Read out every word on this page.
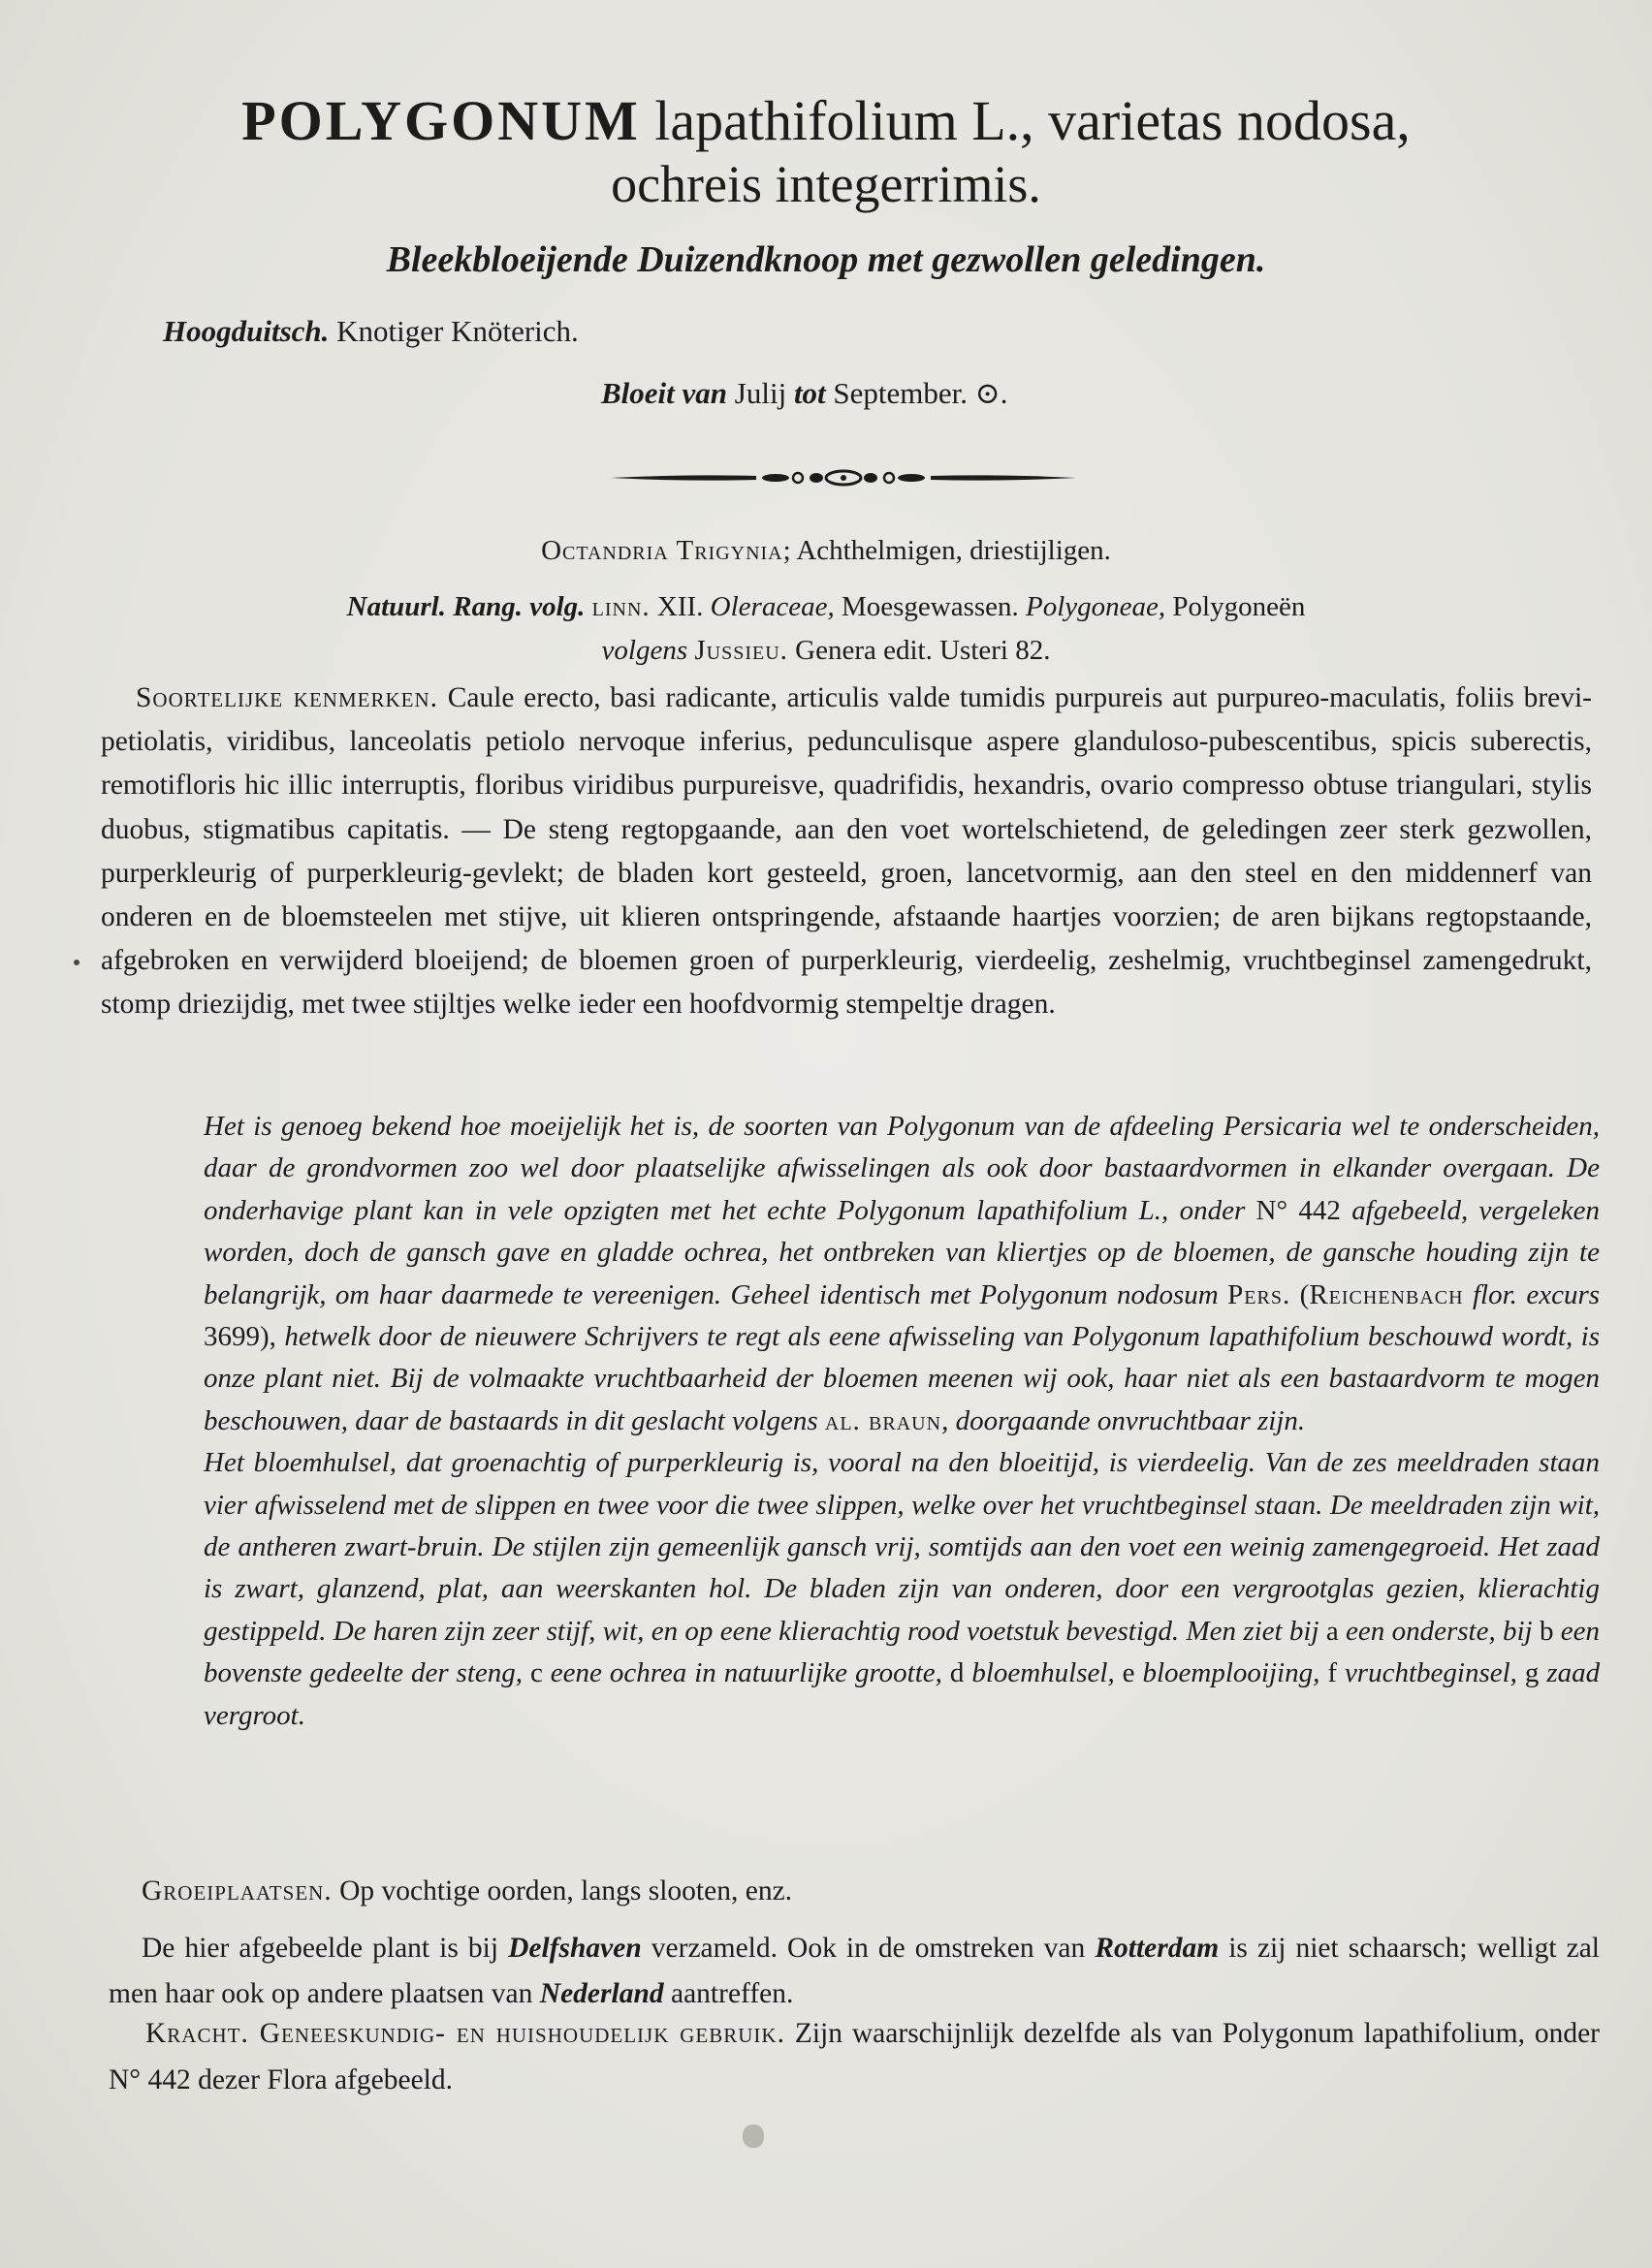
POLYGONUM lapathifolium L., varietas nodosa,
ochreis integerrimis.
Bleekbloeijende Duizendknoop met gezwollen geledingen.
Hoogduitsch. Knotiger Knöterich.
Bloeit van Julij tot September. ⊙.
Octandria Trigynia; Achthelmigen, driestijligen.
Natuurl. Rang. volg. linn. XII. Oleraceae, Moesgewassen. Polygoneae, Polygoneën
volgens Jussieu. Genera edit. Usteri 82.

Soortelijke kenmerken. Caule erecto, basi radicante, articulis valde tumidis purpureis aut purpureo-maculatis, foliis brevi-petiolatis, viridibus, lanceolatis petiolo nervoque inferius, pedunculisque aspere glanduloso-pubescentibus, spicis suberectis, remotifloris hic illic interruptis, floribus viridibus purpureisve, quadrifidis, hexandris, ovario compresso obtuse triangulari, stylis duobus, stigmatibus capitatis. — De steng regtopgaande, aan den voet wortelschietend, de geledingen zeer sterk gezwollen, purperkleurig of purperkleurig-gevlekt; de bladen kort gesteeld, groen, lancetvormig, aan den steel en den middennerf van onderen en de bloemsteelen met stijve, uit klieren ontspringende, afstaande haartjes voorzien; de aren bijkans regtopstaande, afgebroken en verwijderd bloeijend; de bloemen groen of purperkleurig, vierdeelig, zeshelmig, vruchtbeginsel zamengedrukt, stomp driezijdig, met twee stijltjes welke ieder een hoofdvormig stempeltje dragen.

Het is genoeg bekend hoe moeijelijk het is, de soorten van Polygonum van de afdeeling Persicaria wel te onderscheiden, daar de grondvormen zoo wel door plaatselijke afwisselingen als ook door bastaardvormen in elkander overgaan. De onderhavige plant kan in vele opzigten met het echte Polygonum lapathifolium L., onder N° 442 afgebeeld, vergeleken worden, doch de gansch gave en gladde ochrea, het ontbreken van kliertjes op de bloemen, de gansche houding zijn te belangrijk, om haar daarmede te vereenigen. Geheel identisch met Polygonum nodosum Pers. (Reichenbach flor. excurs 3699), hetwelk door de nieuwere Schrijvers te regt als eene afwisseling van Polygonum lapathifolium beschouwd wordt, is onze plant niet. Bij de volmaakte vruchtbaarheid der bloemen meenen wij ook, haar niet als een bastaardvorm te mogen beschouwen, daar de bastaards in dit geslacht volgens al. braun, doorgaande onvruchtbaar zijn.

Het bloemhulsel, dat groenachtig of purperkleurig is, vooral na den bloeitijd, is vierdeelig. Van de zes meeldraden staan vier afwisselend met de slippen en twee voor die twee slippen, welke over het vruchtbeginsel staan. De meeldraden zijn wit, de antheren zwart-bruin. De stijlen zijn gemeenlijk gansch vrij, somtijds aan den voet een weinig zamengegroeid. Het zaad is zwart, glanzend, plat, aan weerskanten hol. De bladen zijn van onderen, door een vergrootglas gezien, klierachtig gestippeld. De haren zijn zeer stijf, wit, en op eene klierachtig rood voetstuk bevestigd. Men ziet bij a een onderste, bij b een bovenste gedeelte der steng, c eene ochrea in natuurlijke grootte, d bloemhulsel, e bloemplooijing, f vruchtbeginsel, g zaad vergroot.

Groeiplaatsen. Op vochtige oorden, langs slooten, enz.

De hier afgebeelde plant is bij Delfshaven verzameld. Ook in de omstreken van Rotterdam is zij niet schaarsch; welligt zal men haar ook op andere plaatsen van Nederland aantreffen.

Kracht. Geneeskundig- en huishoudelijk gebruik. Zijn waarschijnlijk dezelfde als van Polygonum lapathifolium, onder N° 442 dezer Flora afgebeeld.
